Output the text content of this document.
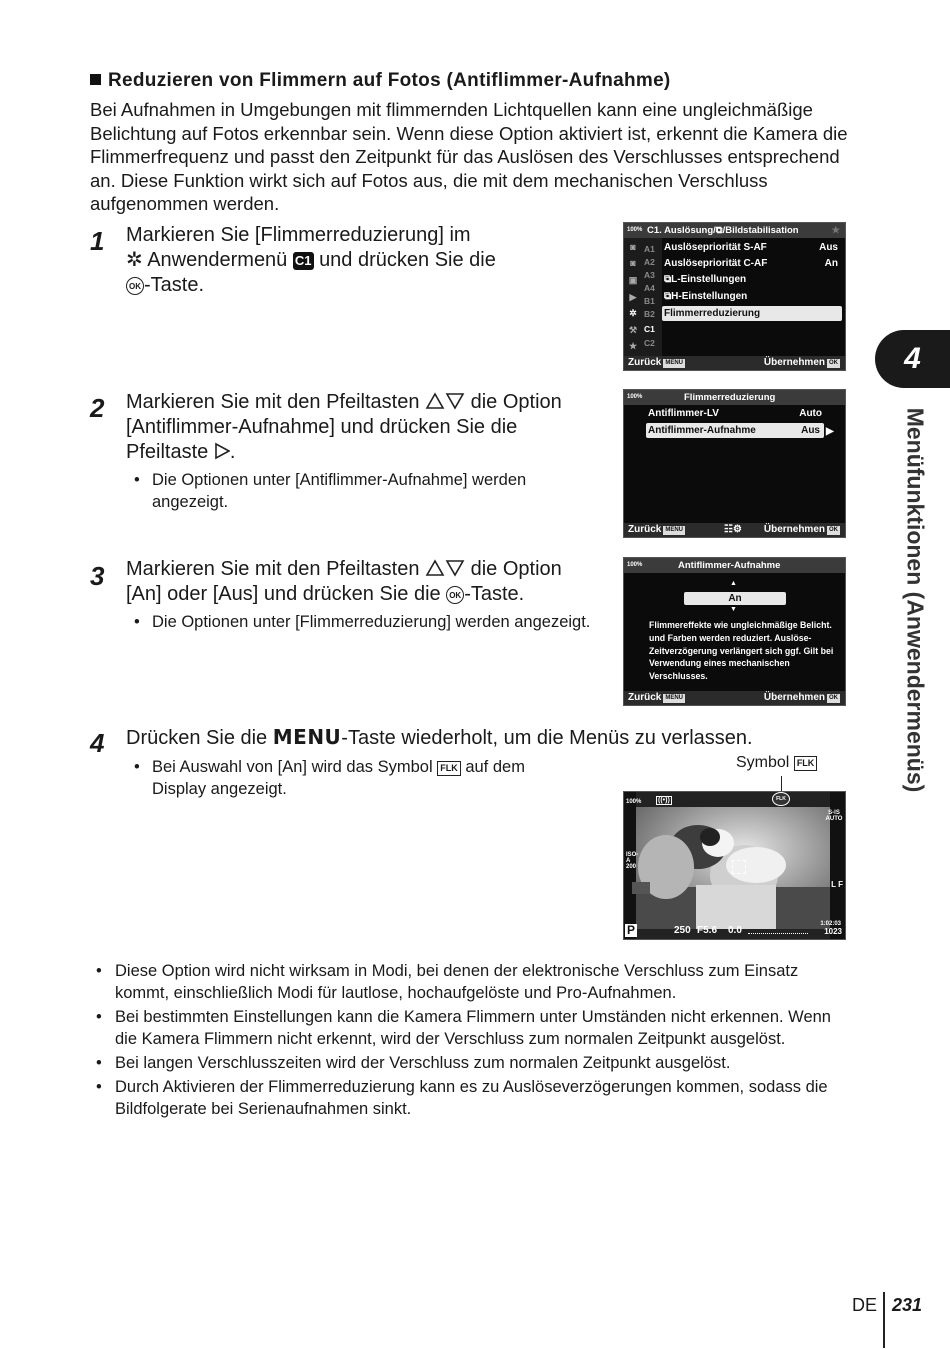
Reduzieren von Flimmern auf Fotos (Antiflimmer-Aufnahme)
Bei Aufnahmen in Umgebungen mit flimmernden Lichtquellen kann eine ungleichmäßige Belichtung auf Fotos erkennbar sein. Wenn diese Option aktiviert ist, erkennt die Kamera die Flimmerfrequenz und passt den Zeitpunkt für das Auslösen des Verschlusses entsprechend an. Diese Funktion wirkt sich auf Fotos aus, die mit dem mechanischen Verschluss aufgenommen werden.
1 Markieren Sie [Flimmerreduzierung] im
✲ Anwendermenü C1 und drücken Sie die
OK -Taste.
C1. Auslösung/⧉/Bildstabilisation	★
100%
◙
◙
▣
▶
✲
⚒
★
A1
A2
A3
A4
B1
B2
C1
C2
Auslösepriorität S-AF	Aus
Auslösepriorität C-AF	An
⧉L-Einstellungen
⧉H-Einstellungen
Flimmerreduzierung
Zurück MENU	Übernehmen OK
2 Markieren Sie mit den Pfeiltasten	die Option
[Antiflimmer-Aufnahme] und drücken Sie die
Pfeiltaste .
• Die Optionen unter [Antiflimmer-Aufnahme] werden angezeigt.
Flimmerreduzierung
100%
Antiflimmer-LV	Auto
Antiflimmer-Aufnahme	Aus ▶
Zurück MENU	☷⚙ Übernehmen OK
3 Markieren Sie mit den Pfeiltasten	die Option
[An] oder [Aus] und drücken Sie die OK -Taste.
• Die Optionen unter [Flimmerreduzierung] werden angezeigt.
Antiflimmer-Aufnahme
100%
▲
An
▼
Flimmereffekte wie ungleichmäßige Belicht. und Farben werden reduziert. Auslöse-Zeitverzögerung verlängert sich ggf. Gilt bei Verwendung eines mechanischen Verschlusses.
Zurück MENU	Übernehmen OK
4 Drücken Sie die MENU-Taste wiederholt, um die Menüs zu verlassen.
• Bei Auswahl von [An] wird das Symbol FLK auf dem Display angezeigt.
Symbol FLK
100% ((•))	FLK
S-IS AUTO
ISO-A 200
L F
P	250 F5.6 0.0
1:02:03
1023
4
Menüfunktionen (Anwendermenüs)
• Diese Option wird nicht wirksam in Modi, bei denen der elektronische Verschluss zum Einsatz kommt, einschließlich Modi für lautlose, hochaufgelöste und Pro-Aufnahmen.
• Bei bestimmten Einstellungen kann die Kamera Flimmern unter Umständen nicht erkennen. Wenn die Kamera Flimmern nicht erkennt, wird der Verschluss zum normalen Zeitpunkt ausgelöst.
• Bei langen Verschlusszeiten wird der Verschluss zum normalen Zeitpunkt ausgelöst.
• Durch Aktivieren der Flimmerreduzierung kann es zu Auslöseverzögerungen kommen, sodass die Bildfolgerate bei Serienaufnahmen sinkt.
DE 231
